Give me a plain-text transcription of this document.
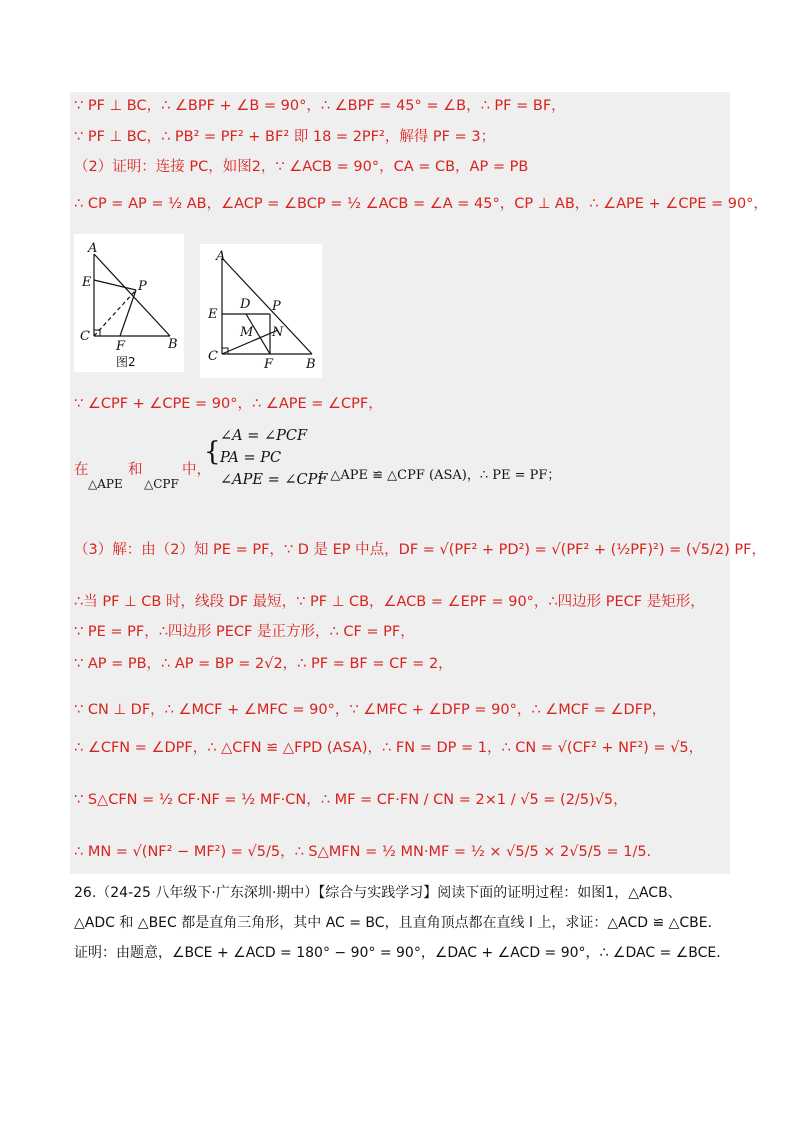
∵ PF ⊥ BC，∴ ∠BPF + ∠B = 90°，∴ ∠BPF = 45° = ∠B，∴ PF = BF，
∵ PF ⊥ BC，∴ PB² = PF² + BF² 即 18 = 2PF²，解得 PF = 3；
（2）证明：连接 PC，如图2，∵ ∠ACB = 90°，CA = CB，AP = PB
∴ CP = AP = ½ AB，∠ACP = ∠BCP = ½ ∠ACB = ∠A = 45°，CP ⊥ AB，∴ ∠APE + ∠CPE = 90°，
A
E	P
C
F	B
图2
A
D P
E
M N
C
F	B
∵ ∠CPF + ∠CPE = 90°，∴ ∠APE = ∠CPF，
在
△APE
和
△CPF
中，
{
∠A = ∠PCF
PA = PC
∠APE = ∠CPF
∴ △APE ≌ △CPF (ASA)，∴ PE = PF；
（3）解：由（2）知 PE = PF，∵ D 是 EP 中点，DF = √(PF² + PD²) = √(PF² + (½PF)²) = (√5/2) PF，
∴当 PF ⊥ CB 时，线段 DF 最短，∵ PF ⊥ CB，∠ACB = ∠EPF = 90°，∴四边形 PECF 是矩形，
∵ PE = PF，∴四边形 PECF 是正方形，∴ CF = PF，
∵ AP = PB，∴ AP = BP = 2√2，∴ PF = BF = CF = 2，
∵ CN ⊥ DF，∴ ∠MCF + ∠MFC = 90°，∵ ∠MFC + ∠DFP = 90°，∴ ∠MCF = ∠DFP，
∴ ∠CFN = ∠DPF，∴ △CFN ≌ △FPD (ASA)，∴ FN = DP = 1，∴ CN = √(CF² + NF²) = √5，
∵ S△CFN = ½ CF·NF = ½ MF·CN，∴ MF = CF·FN / CN = 2×1 / √5 = (2/5)√5，
∴ MN = √(NF² − MF²) = √5/5，∴ S△MFN = ½ MN·MF = ½ × √5/5 × 2√5/5 = 1/5.
26.（24-25 八年级下·广东深圳·期中）【综合与实践学习】阅读下面的证明过程：如图1，△ACB、
△ADC 和 △BEC 都是直角三角形，其中 AC = BC，且直角顶点都在直线 l 上，求证：△ACD ≌ △CBE．
证明：由题意，∠BCE + ∠ACD = 180° − 90° = 90°，∠DAC + ∠ACD = 90°，∴ ∠DAC = ∠BCE．
